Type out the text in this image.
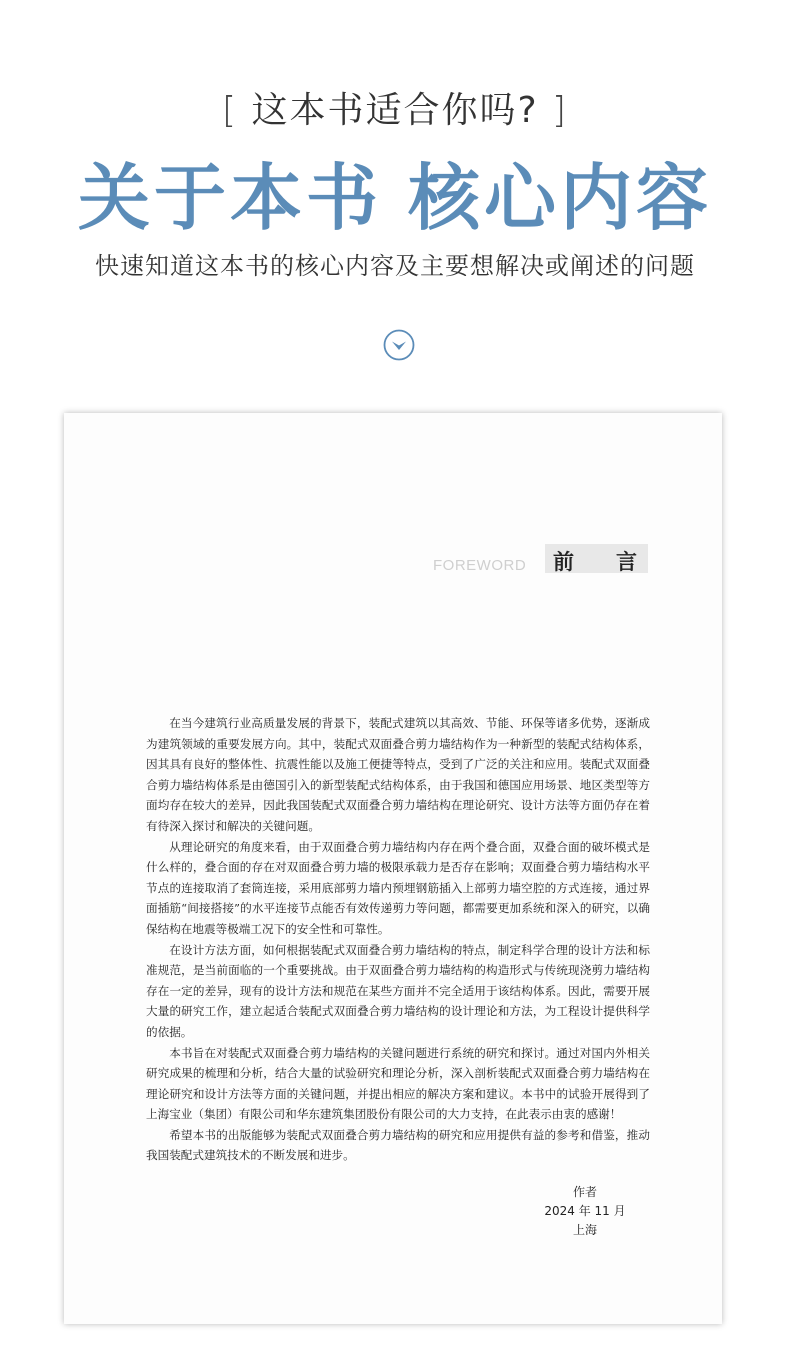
[ 这本书适合你吗? ]
关于本书 核心内容
快速知道这本书的核心内容及主要想解决或阐述的问题
FOREWORD 前 言

在当今建筑行业高质量发展的背景下，装配式建筑以其高效、节能、环保等诸多优势，逐渐成为建筑领域的重要发展方向。其中，装配式双面叠合剪力墙结构作为一种新型的装配式结构体系，因其具有良好的整体性、抗震性能以及施工便捷等特点，受到了广泛的关注和应用。装配式双面叠合剪力墙结构体系是由德国引入的新型装配式结构体系，由于我国和德国应用场景、地区类型等方面均存在较大的差异，因此我国装配式双面叠合剪力墙结构在理论研究、设计方法等方面仍存在着有待深入探讨和解决的关键问题。

从理论研究的角度来看，由于双面叠合剪力墙结构内存在两个叠合面，双叠合面的破坏模式是什么样的，叠合面的存在对双面叠合剪力墙的极限承载力是否存在影响；双面叠合剪力墙结构水平节点的连接取消了套筒连接，采用底部剪力墙内预埋钢筋插入上部剪力墙空腔的方式连接，通过界面插筋“间接搭接”的水平连接节点能否有效传递剪力等问题，都需要更加系统和深入的研究，以确保结构在地震等极端工况下的安全性和可靠性。

在设计方法方面，如何根据装配式双面叠合剪力墙结构的特点，制定科学合理的设计方法和标准规范，是当前面临的一个重要挑战。由于双面叠合剪力墙结构的构造形式与传统现浇剪力墙结构存在一定的差异，现有的设计方法和规范在某些方面并不完全适用于该结构体系。因此，需要开展大量的研究工作，建立起适合装配式双面叠合剪力墙结构的设计理论和方法，为工程设计提供科学的依据。

本书旨在对装配式双面叠合剪力墙结构的关键问题进行系统的研究和探讨。通过对国内外相关研究成果的梳理和分析，结合大量的试验研究和理论分析，深入剖析装配式双面叠合剪力墙结构在理论研究和设计方法等方面的关键问题，并提出相应的解决方案和建议。本书中的试验开展得到了上海宝业（集团）有限公司和华东建筑集团股份有限公司的大力支持，在此表示由衷的感谢！

希望本书的出版能够为装配式双面叠合剪力墙结构的研究和应用提供有益的参考和借鉴，推动我国装配式建筑技术的不断发展和进步。

作者
2024 年 11 月
上海
